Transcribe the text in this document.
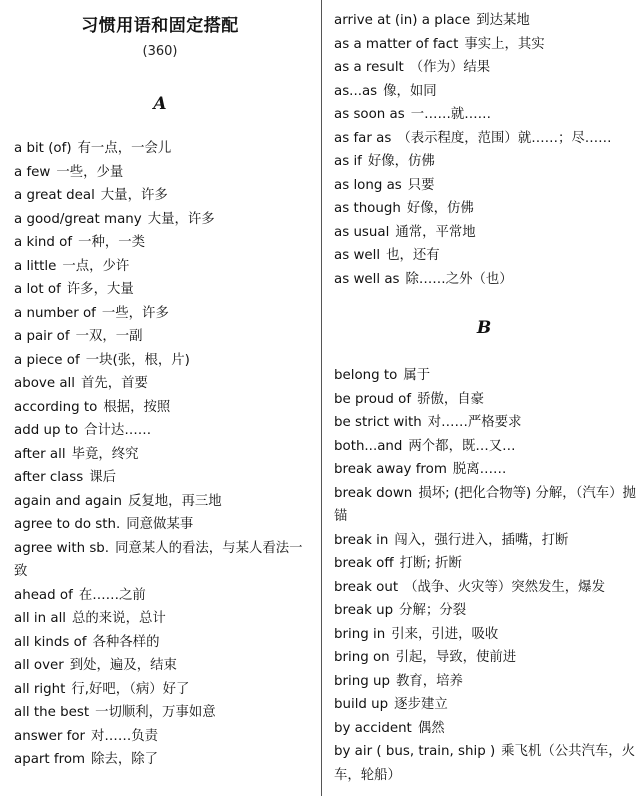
习惯用语和固定搭配
(360)
A
a bit (of) 有一点，一会儿
a few 一些，少量
a great deal 大量，许多
a good/great many 大量，许多
a kind of 一种，一类
a little 一点，少许
a lot of 许多，大量
a number of 一些，许多
a pair of 一双，一副
a piece of 一块(张，根，片)
above all 首先，首要
according to 根据，按照
add up to 合计达……
after all 毕竟，终究
after class 课后
again and again 反复地，再三地
agree to do sth. 同意做某事
agree with sb. 同意某人的看法，与某人看法一致
ahead of 在……之前
all in all 总的来说，总计
all kinds of 各种各样的
all over 到处，遍及，结束
all right 行,好吧，（病）好了
all the best 一切顺利，万事如意
answer for 对……负责
apart from 除去，除了
arrive at (in) a place 到达某地
as a matter of fact 事实上，其实
as a result （作为）结果
as...as 像，如同
as soon as 一……就……
as far as （表示程度，范围）就……；尽……
as if 好像，仿佛
as long as 只要
as though 好像，仿佛
as usual 通常，平常地
as well 也，还有
as well as 除……之外（也）
B
belong to 属于
be proud of 骄傲，自豪
be strict with 对……严格要求
both...and 两个都，既…又…
break away from 脱离……
break down 损坏; (把化合物等) 分解，（汽车）抛锚
break in 闯入，强行进入，插嘴，打断
break off 打断; 折断
break out （战争、火灾等）突然发生，爆发
break up 分解；分裂
bring in 引来，引进，吸收
bring on 引起，导致，使前进
bring up 教育，培养
build up 逐步建立
by accident 偶然
by air ( bus, train, ship ) 乘飞机（公共汽车，火车，轮船）
